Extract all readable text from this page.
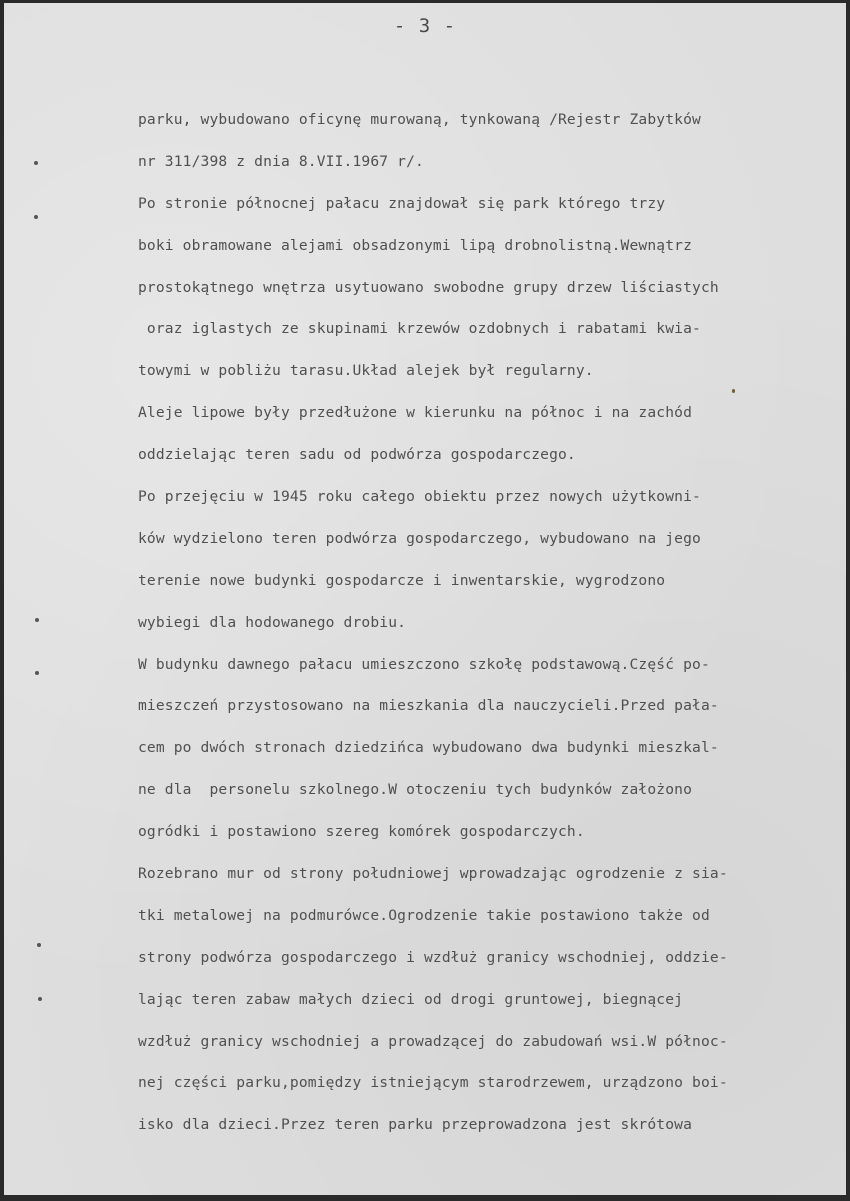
- 3 -
parku, wybudowano oficynę murowaną, tynkowaną /Rejestr Zabytków
nr 311/398 z dnia 8.VII.1967 r/.
Po stronie północnej pałacu znajdował się park którego trzy
boki obramowane alejami obsadzonymi lipą drobnolistną.Wewnątrz
prostokątnego wnętrza usytuowano swobodne grupy drzew liściastych
oraz iglastych ze skupinami krzewów ozdobnych i rabatami kwia-
towymi w pobliżu tarasu.Układ alejek był regularny.
Aleje lipowe były przedłużone w kierunku na północ i na zachód
oddzielając teren sadu od podwórza gospodarczego.
Po przejęciu w 1945 roku całego obiektu przez nowych użytkowni-
ków wydzielono teren podwórza gospodarczego, wybudowano na jego
terenie nowe budynki gospodarcze i inwentarskie, wygrodzono
wybiegi dla hodowanego drobiu.
W budynku dawnego pałacu umieszczono szkołę podstawową.Część po-
mieszczeń przystosowano na mieszkania dla nauczycieli.Przed pała-
cem po dwóch stronach dziedzińca wybudowano dwa budynki mieszkal-
ne dla  personelu szkolnego.W otoczeniu tych budynków założono
ogródki i postawiono szereg komórek gospodarczych.
Rozebrano mur od strony południowej wprowadzając ogrodzenie z sia-
tki metalowej na podmurówce.Ogrodzenie takie postawiono także od
strony podwórza gospodarczego i wzdłuż granicy wschodniej, oddzie-
lając teren zabaw małych dzieci od drogi gruntowej, biegnącej
wzdłuż granicy wschodniej a prowadzącej do zabudowań wsi.W północ-
nej części parku,pomiędzy istniejącym starodrzewem, urządzono boi-
isko dla dzieci.Przez teren parku przeprowadzona jest skrótowa
